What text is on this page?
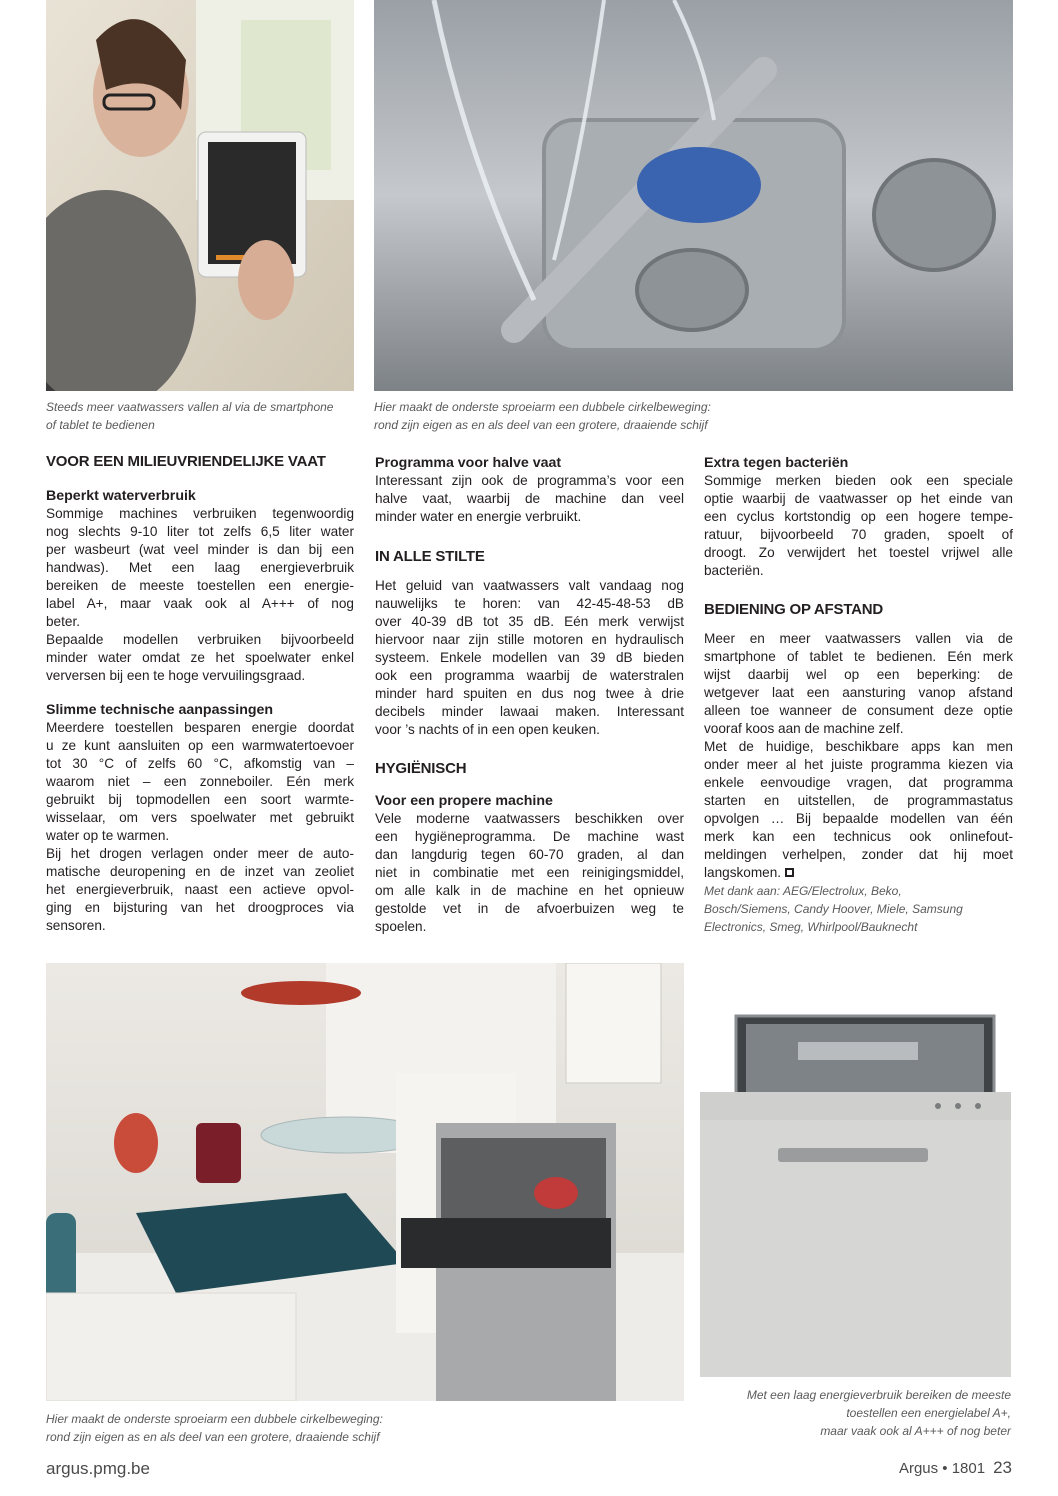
Steeds meer vaatwassers vallen al via de smartphone
of tablet te bedienen
Hier maakt de onderste sproeiarm een dubbele cirkelbeweging:
rond zijn eigen as en als deel van een grotere, draaiende schijf
VOOR EEN MILIEUVRIENDELIJKE VAAT
Beperkt waterverbruik

Sommige machines verbruiken tegenwoordig
nog slechts 9-10 liter tot zelfs 6,5 liter water
per wasbeurt (wat veel minder is dan bij een
handwas). Met een laag energieverbruik
bereiken de meeste toestellen een energie-
label A+, maar vaak ook al A+++ of nog
beter.

Bepaalde modellen verbruiken bijvoorbeeld
minder water omdat ze het spoelwater enkel
verversen bij een te hoge vervuilingsgraad.

Slimme technische aanpassingen

Meerdere toestellen besparen energie doordat
u ze kunt aansluiten op een warmwatertoevoer
tot 30 °C of zelfs 60 °C, afkomstig van –
waarom niet – een zonneboiler. Eén merk
gebruikt bij topmodellen een soort warmte-
wisselaar, om vers spoelwater met gebruikt
water op te warmen.

Bij het drogen verlagen onder meer de auto-
matische deuropening en de inzet van zeoliet
het energieverbruik, naast een actieve opvol-
ging en bijsturing van het droogproces via
sensoren.

Programma voor halve vaat

Interessant zijn ook de programma’s voor een
halve vaat, waarbij de machine dan veel
minder water en energie verbruikt.

IN ALLE STILTE

Het geluid van vaatwassers valt vandaag nog
nauwelijks te horen: van 42-45-48-53 dB
over 40-39 dB tot 35 dB. Eén merk verwijst
hiervoor naar zijn stille motoren en hydraulisch
systeem. Enkele modellen van 39 dB bieden
ook een programma waarbij de waterstralen
minder hard spuiten en dus nog twee à drie
decibels minder lawaai maken. Interessant
voor ’s nachts of in een open keuken.

HYGIËNISCH
Voor een propere machine

Vele moderne vaatwassers beschikken over
een hygiëneprogramma. De machine wast
dan langdurig tegen 60-70 graden, al dan
niet in combinatie met een reinigingsmiddel,
om alle kalk in de machine en het opnieuw
gestolde vet in de afvoerbuizen weg te
spoelen.

Extra tegen bacteriën

Sommige merken bieden ook een speciale
optie waarbij de vaatwasser op het einde van
een cyclus kortstondig op een hogere tempe-
ratuur, bijvoorbeeld 70 graden, spoelt of
droogt. Zo verwijdert het toestel vrijwel alle
bacteriën.

BEDIENING OP AFSTAND

Meer en meer vaatwassers vallen via de
smartphone of tablet te bedienen. Eén merk
wijst daarbij wel op een beperking: de
wetgever laat een aansturing vanop afstand
alleen toe wanneer de consument deze optie
vooraf koos aan de machine zelf.

Met de huidige, beschikbare apps kan men
onder meer al het juiste programma kiezen via
enkele eenvoudige vragen, dat programma
starten en uitstellen, de programmastatus
opvolgen … Bij bepaalde modellen van één
merk kan een technicus ook onlinefout-
meldingen verhelpen, zonder dat hij moet
langskomen.

Met dank aan: AEG/Electrolux, Beko,
Bosch/Siemens, Candy Hoover, Miele, Samsung
Electronics, Smeg, Whirlpool/Bauknecht
Hier maakt de onderste sproeiarm een dubbele cirkelbeweging:
rond zijn eigen as en als deel van een grotere, draaiende schijf
Met een laag energieverbruik bereiken de meeste
toestellen een energielabel A+,
maar vaak ook al A+++ of nog beter
argus.pmg.be	Argus • 1801 23
